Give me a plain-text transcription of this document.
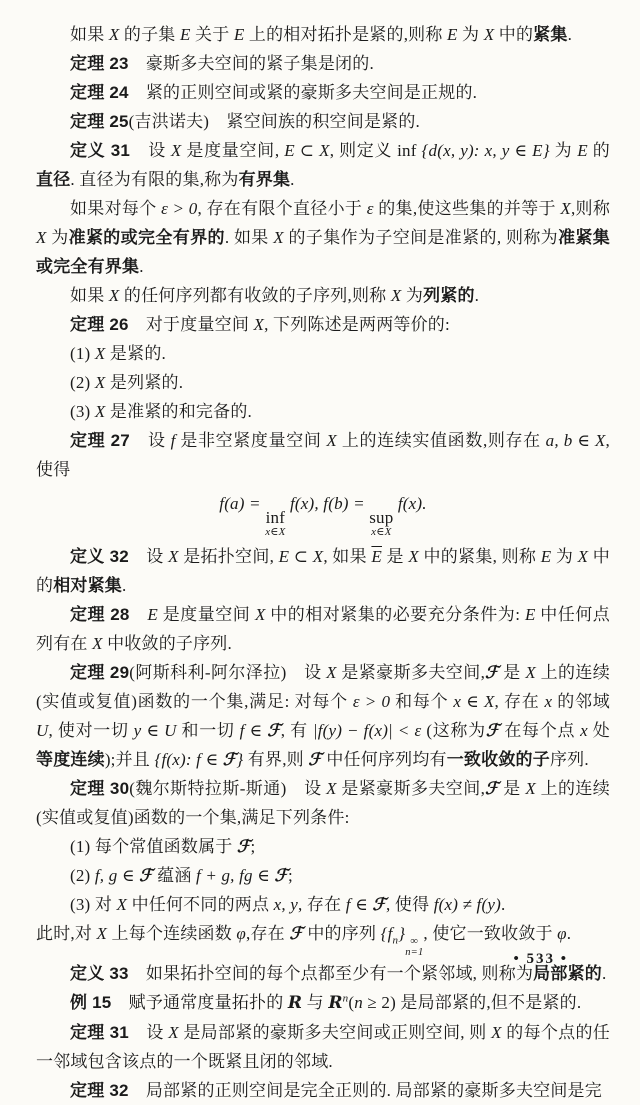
如果 X 的子集 E 关于 E 上的相对拓扑是紧的,则称 E 为 X 中的紧集.

定理 23　豪斯多夫空间的紧子集是闭的.

定理 24　紧的正则空间或紧的豪斯多夫空间是正规的.

定理 25(吉洪诺夫)　紧空间族的积空间是紧的.

定义 31　设 X 是度量空间, E ⊂ X, 则定义 inf {d(x, y): x, y ∈ E} 为 E 的直径. 直径为有限的集,称为有界集.

如果对每个 ε > 0, 存在有限个直径小于 ε 的集,使这些集的并等于 X,则称 X 为准紧的或完全有界的. 如果 X 的子集作为子空间是准紧的, 则称为准紧集或完全有界集.

如果 X 的任何序列都有收敛的子序列,则称 X 为列紧的.

定理 26　对于度量空间 X, 下列陈述是两两等价的:

(1) X 是紧的.

(2) X 是列紧的.

(3) X 是准紧的和完备的.

定理 27　设 f 是非空紧度量空间 X 上的连续实值函数,则存在 a, b ∈ X,使得

f(a) =
inf
x∈X
f(x), f(b) =
sup
x∈X
f(x).

定义 32　设 X 是拓扑空间, E ⊂ X, 如果 $\overline{E}$ 是 X 中的紧集, 则称 E 为 X 中的相对紧集.

定理 28　 E 是度量空间 X 中的相对紧集的必要充分条件为: E 中任何点列有在 X 中收敛的子序列.

定理 29(阿斯科利-阿尔泽拉)　设 X 是紧豪斯多夫空间,ℱ 是 X 上的连续(实值或复值)函数的一个集,满足: 对每个 ε > 0 和每个 x ∈ X, 存在 x 的邻域 U, 使对一切 y ∈ U 和一切 f ∈ ℱ, 有 |f(y) − f(x)| < ε (这称为ℱ 在每个点 x 处等度连续);并且 {f(x): f ∈ ℱ} 有界,则 ℱ 中任何序列均有一致收敛的子序列.

定理 30(魏尔斯特拉斯-斯通)　设 X 是紧豪斯多夫空间,ℱ 是 X 上的连续(实值或复值)函数的一个集,满足下列条件:

(1) 每个常值函数属于 ℱ;

(2) f, g ∈ ℱ 蕴涵 f + g, fg ∈ ℱ;

(3) 对 X 中任何不同的两点 x, y, 存在 f ∈ ℱ, 使得 f(x) ≠ f(y).

此时,对 X 上每个连续函数 φ,存在 ℱ 中的序列 $\{f_n\}$ ∞
n=1
, 使它一致收敛于 φ.

定义 33　如果拓扑空间的每个点都至少有一个紧邻域, 则称为局部紧的.

例 15　赋予通常度量拓扑的 R 与 $R^n(n \ge 2)$ 是局部紧的,但不是紧的.

定理 31　设 X 是局部紧的豪斯多夫空间或正则空间, 则 X 的每个点的任一邻域包含该点的一个既紧且闭的邻域.

定理 32　局部紧的正则空间是完全正则的. 局部紧的豪斯多夫空间是完

• 533 •
